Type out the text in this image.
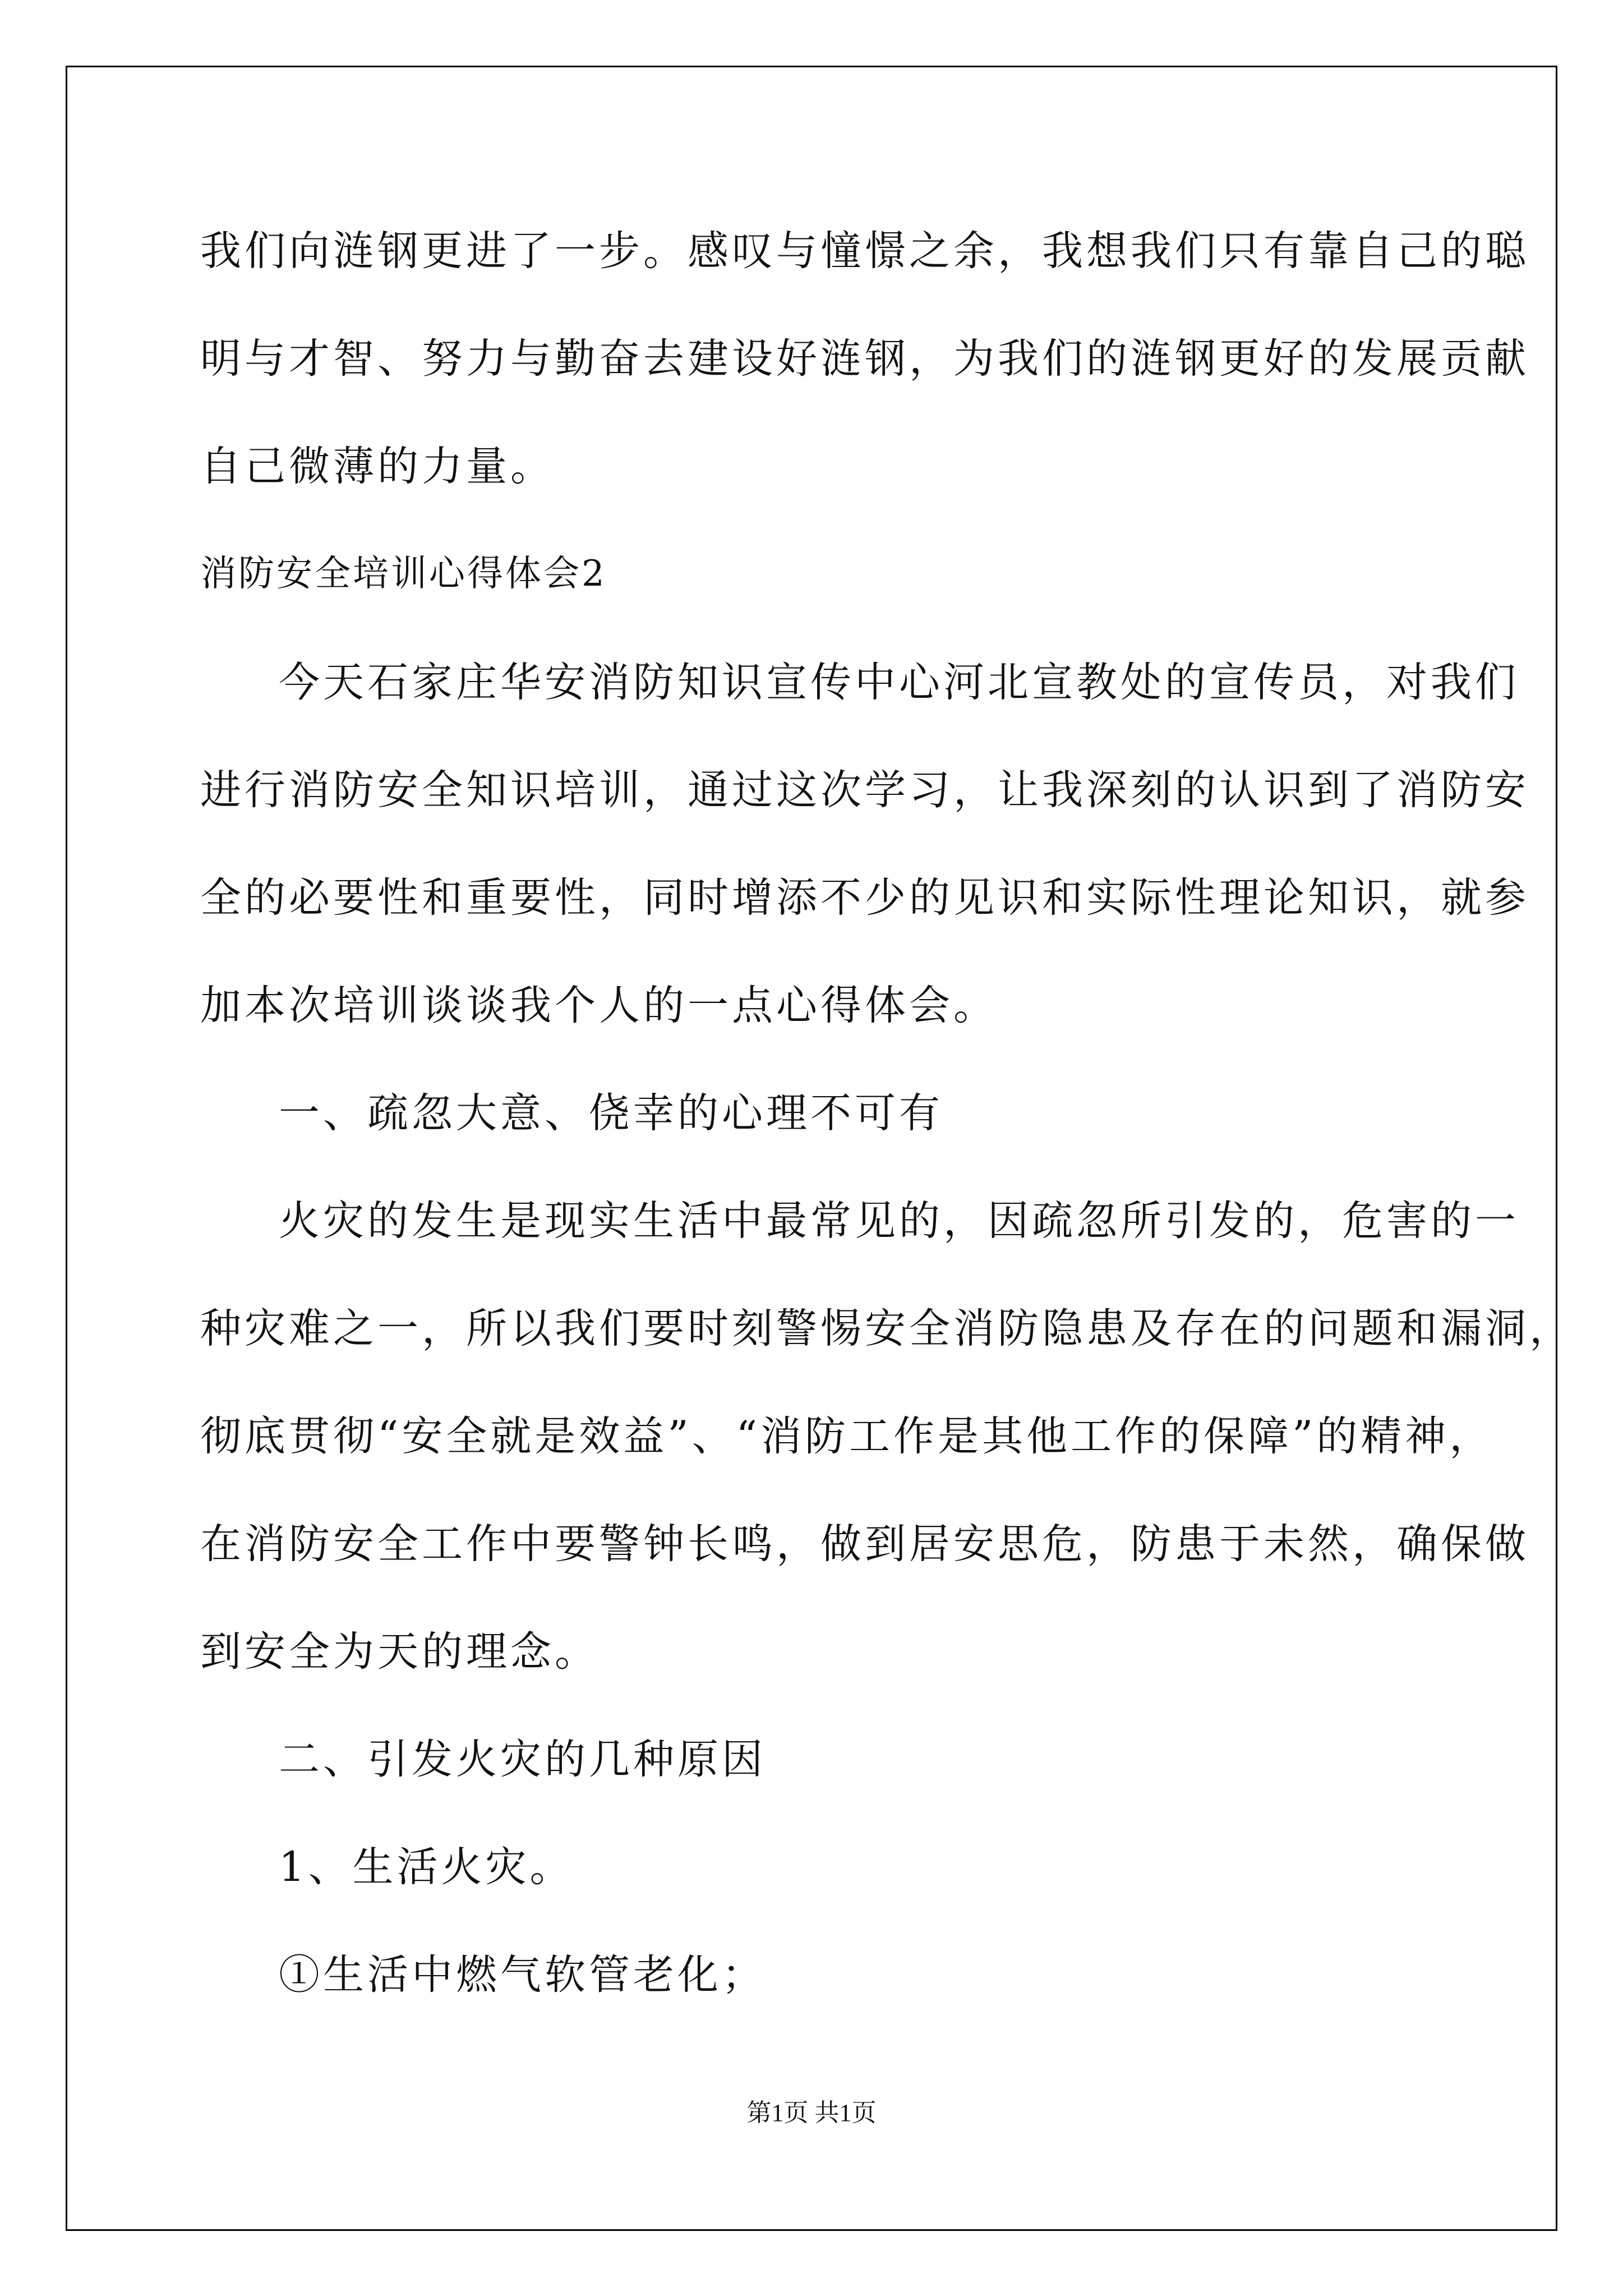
我们向涟钢更进了一步。感叹与憧憬之余，我想我们只有靠自己的聪
明与才智、努力与勤奋去建设好涟钢，为我们的涟钢更好的发展贡献
自己微薄的力量。
消防安全培训心得体会2
今天石家庄华安消防知识宣传中心河北宣教处的宣传员，对我们
进行消防安全知识培训，通过这次学习，让我深刻的认识到了消防安
全的必要性和重要性，同时增添不少的见识和实际性理论知识，就参
加本次培训谈谈我个人的一点心得体会。
一、疏忽大意、侥幸的心理不可有
火灾的发生是现实生活中最常见的，因疏忽所引发的，危害的一
种灾难之一，所以我们要时刻警惕安全消防隐患及存在的问题和漏洞，
彻底贯彻“安全就是效益”、“消防工作是其他工作的保障”的精神，
在消防安全工作中要警钟长鸣，做到居安思危，防患于未然，确保做
到安全为天的理念。
二、引发火灾的几种原因
1、生活火灾。
①生活中燃气软管老化；
第1页 共1页
